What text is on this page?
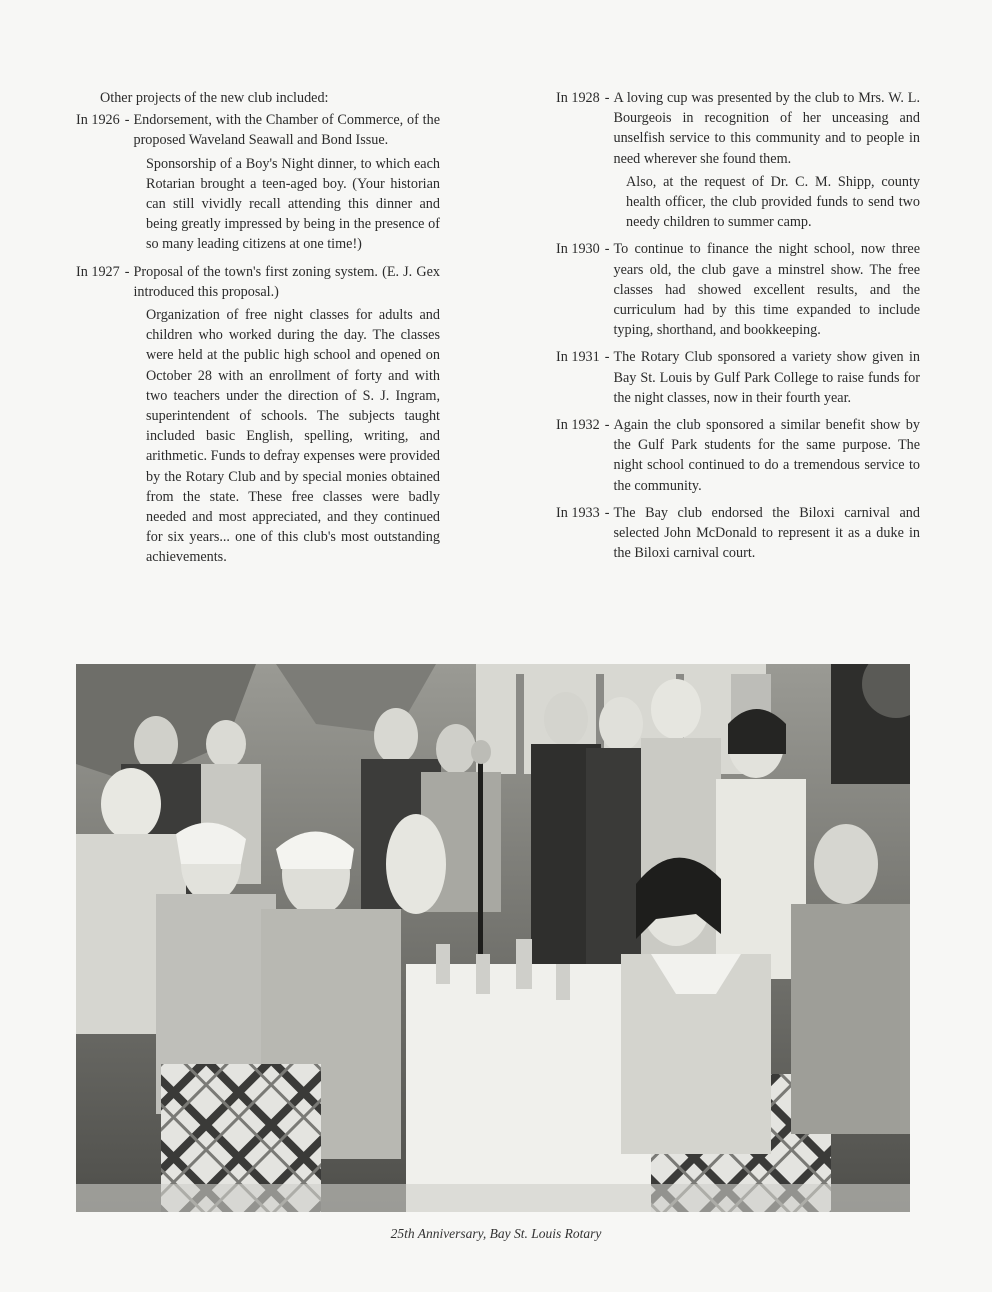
Other projects of the new club included:

In 1926 - Endorsement, with the Chamber of Commerce, of the proposed Waveland Seawall and Bond Issue.

Sponsorship of a Boy's Night dinner, to which each Rotarian brought a teen-aged boy. (Your historian can still vividly recall attending this dinner and being greatly impressed by being in the presence of so many leading citizens at one time!)

In 1927 - Proposal of the town's first zoning system. (E. J. Gex introduced this proposal.)

Organization of free night classes for adults and children who worked during the day. The classes were held at the public high school and opened on October 28 with an enrollment of forty and with two teachers under the direction of S. J. Ingram, superintendent of schools. The subjects taught included basic English, spelling, writing, and arithmetic. Funds to defray expenses were provided by the Rotary Club and by special monies obtained from the state. These free classes were badly needed and most appreciated, and they continued for six years... one of this club's most outstanding achievements.

In 1928 - A loving cup was presented by the club to Mrs. W. L. Bourgeois in recognition of her unceasing and unselfish service to this community and to people in need wherever she found them.

Also, at the request of Dr. C. M. Shipp, county health officer, the club provided funds to send two needy children to summer camp.

In 1930 - To continue to finance the night school, now three years old, the club gave a minstrel show. The free classes had showed excellent results, and the curriculum had by this time expanded to include typing, shorthand, and bookkeeping.
In 1931 - The Rotary Club sponsored a variety show given in Bay St. Louis by Gulf Park College to raise funds for the night classes, now in their fourth year.
In 1932 - Again the club sponsored a similar benefit show by the Gulf Park students for the same purpose. The night school continued to do a tremendous service to the community.
In 1933 - The Bay club endorsed the Biloxi carnival and selected John McDonald to represent it as a duke in the Biloxi carnival court.
25th Anniversary, Bay St. Louis Rotary
